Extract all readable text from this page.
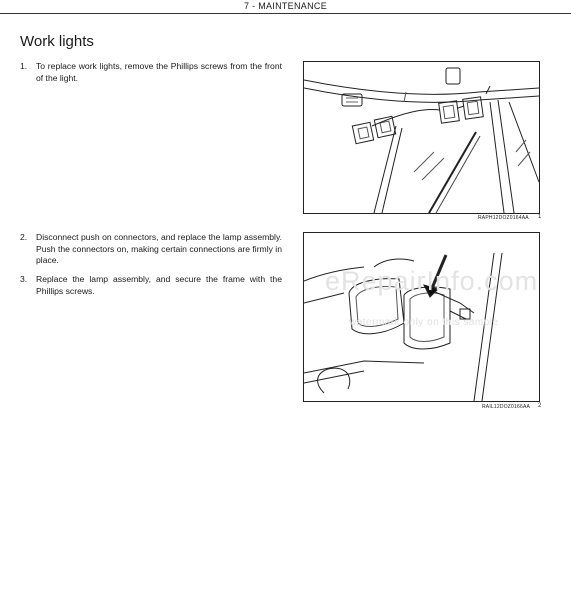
7 - MAINTENANCE
Work lights
1. To replace work lights, remove the Phillips screws from the front of the light.
2. Disconnect push on connectors, and replace the lamp assembly. Push the connectors on, making certain connections are firmly in place.
3. Replace the lamp assembly, and secure the frame with the Phillips screws.
RAPH12DOZ0164AA 1
RAIL12DOZ0166AA 2
eRepairInfo.com
watermark only on this sample
